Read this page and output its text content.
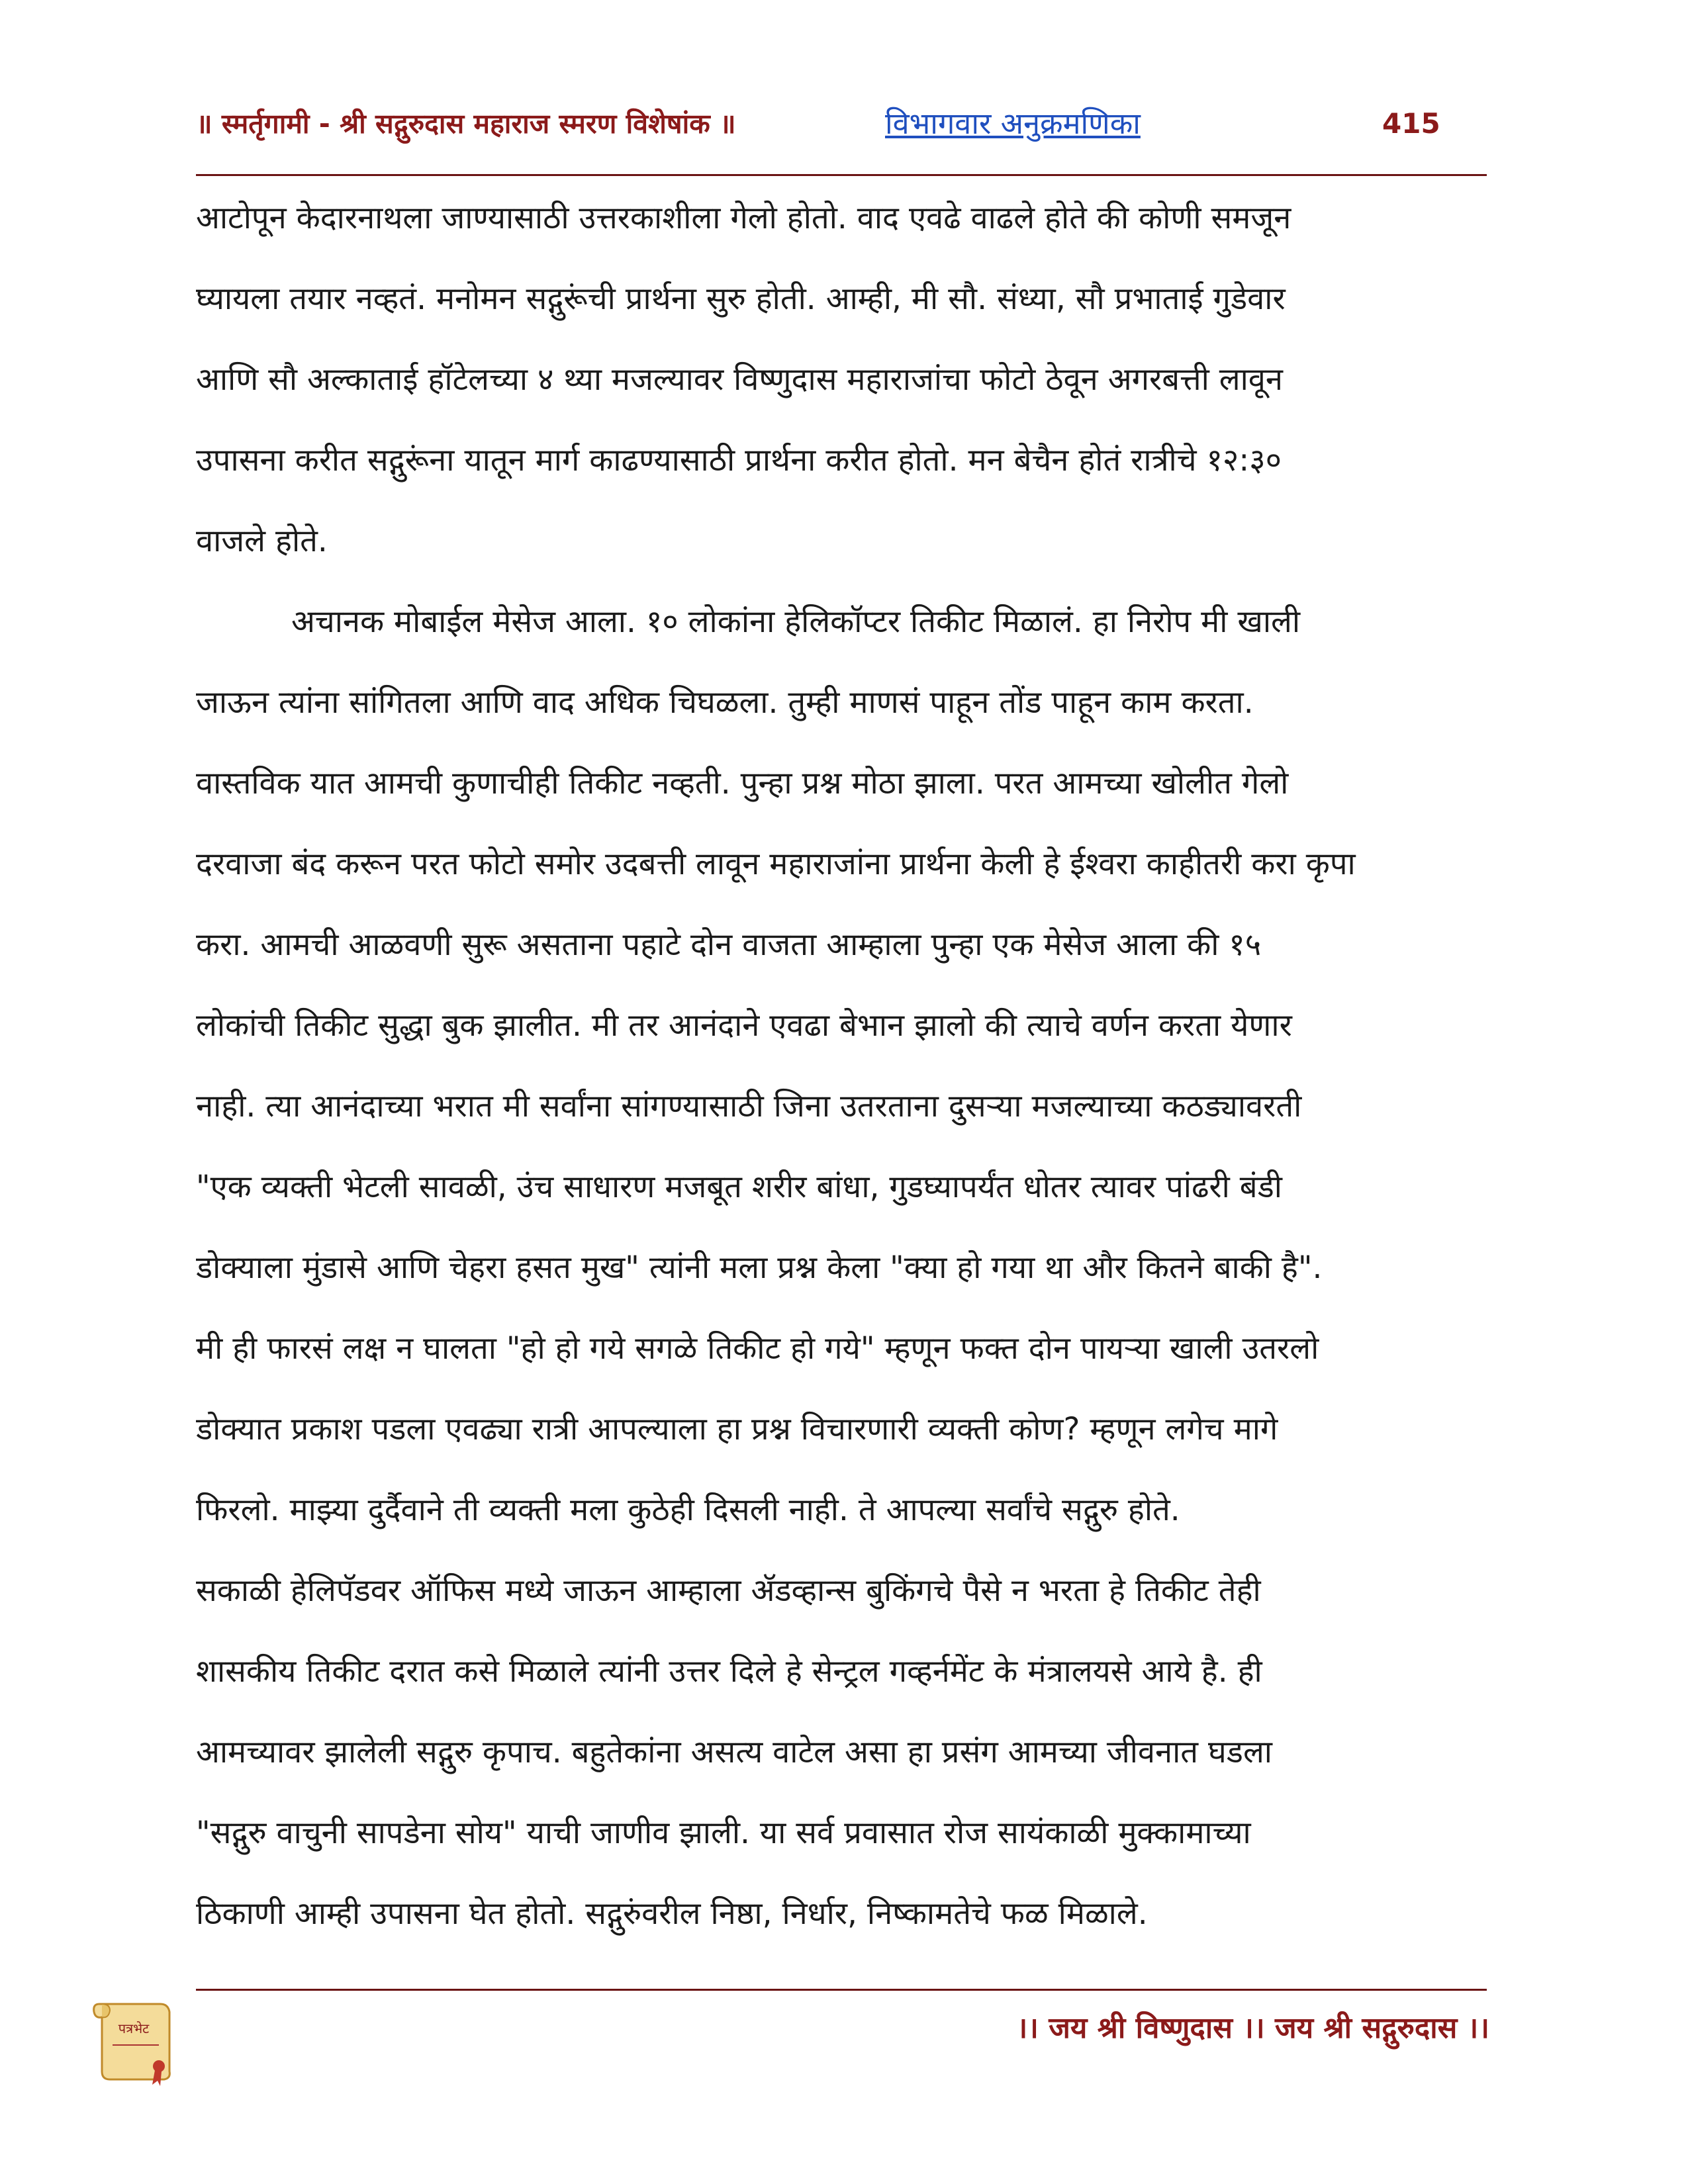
॥ स्मर्तृगामी - श्री सद्गुरुदास महाराज स्मरण विशेषांक ॥	विभागवार अनुक्रमणिका	415
आटोपून केदारनाथला जाण्यासाठी उत्तरकाशीला गेलो होतो. वाद एवढे वाढले होते की कोणी समजून
घ्यायला तयार नव्हतं. मनोमन सद्गुरूंची प्रार्थना सुरु होती. आम्ही, मी सौ. संध्या, सौ प्रभाताई गुडेवार
आणि सौ अल्काताई हॉटेलच्या ४ थ्या मजल्यावर विष्णुदास महाराजांचा फोटो ठेवून अगरबत्ती लावून
उपासना करीत सद्गुरूंना यातून मार्ग काढण्यासाठी प्रार्थना करीत होतो. मन बेचैन होतं रात्रीचे १२:३०
वाजले होते.
अचानक मोबाईल मेसेज आला. १० लोकांना हेलिकॉप्टर तिकीट मिळालं. हा निरोप मी खाली
जाऊन त्यांना सांगितला आणि वाद अधिक चिघळला. तुम्ही माणसं पाहून तोंड पाहून काम करता.
वास्तविक यात आमची कुणाचीही तिकीट नव्हती. पुन्हा प्रश्न मोठा झाला. परत आमच्या खोलीत गेलो
दरवाजा बंद करून परत फोटो समोर उदबत्ती लावून महाराजांना प्रार्थना केली हे ईश्वरा काहीतरी करा कृपा
करा. आमची आळवणी सुरू असताना पहाटे दोन वाजता आम्हाला पुन्हा एक मेसेज आला की १५
लोकांची तिकीट सुद्धा बुक झालीत. मी तर आनंदाने एवढा बेभान झालो की त्याचे वर्णन करता येणार
नाही. त्या आनंदाच्या भरात मी सर्वांना सांगण्यासाठी जिना उतरताना दुसऱ्या मजल्याच्या कठड्यावरती
"एक व्यक्ती भेटली सावळी, उंच साधारण मजबूत शरीर बांधा, गुडघ्यापर्यंत धोतर त्यावर पांढरी बंडी
डोक्याला मुंडासे आणि चेहरा हसत मुख" त्यांनी मला प्रश्न केला "क्या हो गया था और कितने बाकी है".
मी ही फारसं लक्ष न घालता "हो हो गये सगळे तिकीट हो गये" म्हणून फक्त दोन पायऱ्या खाली उतरलो
डोक्यात प्रकाश पडला एवढ्या रात्री आपल्याला हा प्रश्न विचारणारी व्यक्ती कोण? म्हणून लगेच मागे
फिरलो. माझ्या दुर्दैवाने ती व्यक्ती मला कुठेही दिसली नाही. ते आपल्या सर्वांचे सद्गुरु होते.
सकाळी हेलिपॅडवर ऑफिस मध्ये जाऊन आम्हाला ॲडव्हान्स बुकिंगचे पैसे न भरता हे तिकीट तेही
शासकीय तिकीट दरात कसे मिळाले त्यांनी उत्तर दिले हे सेन्ट्रल गव्हर्नमेंट के मंत्रालयसे आये है. ही
आमच्यावर झालेली सद्गुरु कृपाच. बहुतेकांना असत्य वाटेल असा हा प्रसंग आमच्या जीवनात घडला
"सद्गुरु वाचुनी सापडेना सोय" याची जाणीव झाली. या सर्व प्रवासात रोज सायंकाळी मुक्कामाच्या
ठिकाणी आम्ही उपासना घेत होतो. सद्गुरुंवरील निष्ठा, निर्धार, निष्कामतेचे फळ मिळाले.
पत्रभेट	।। जय श्री विष्णुदास ।। जय श्री सद्गुरुदास ।।
